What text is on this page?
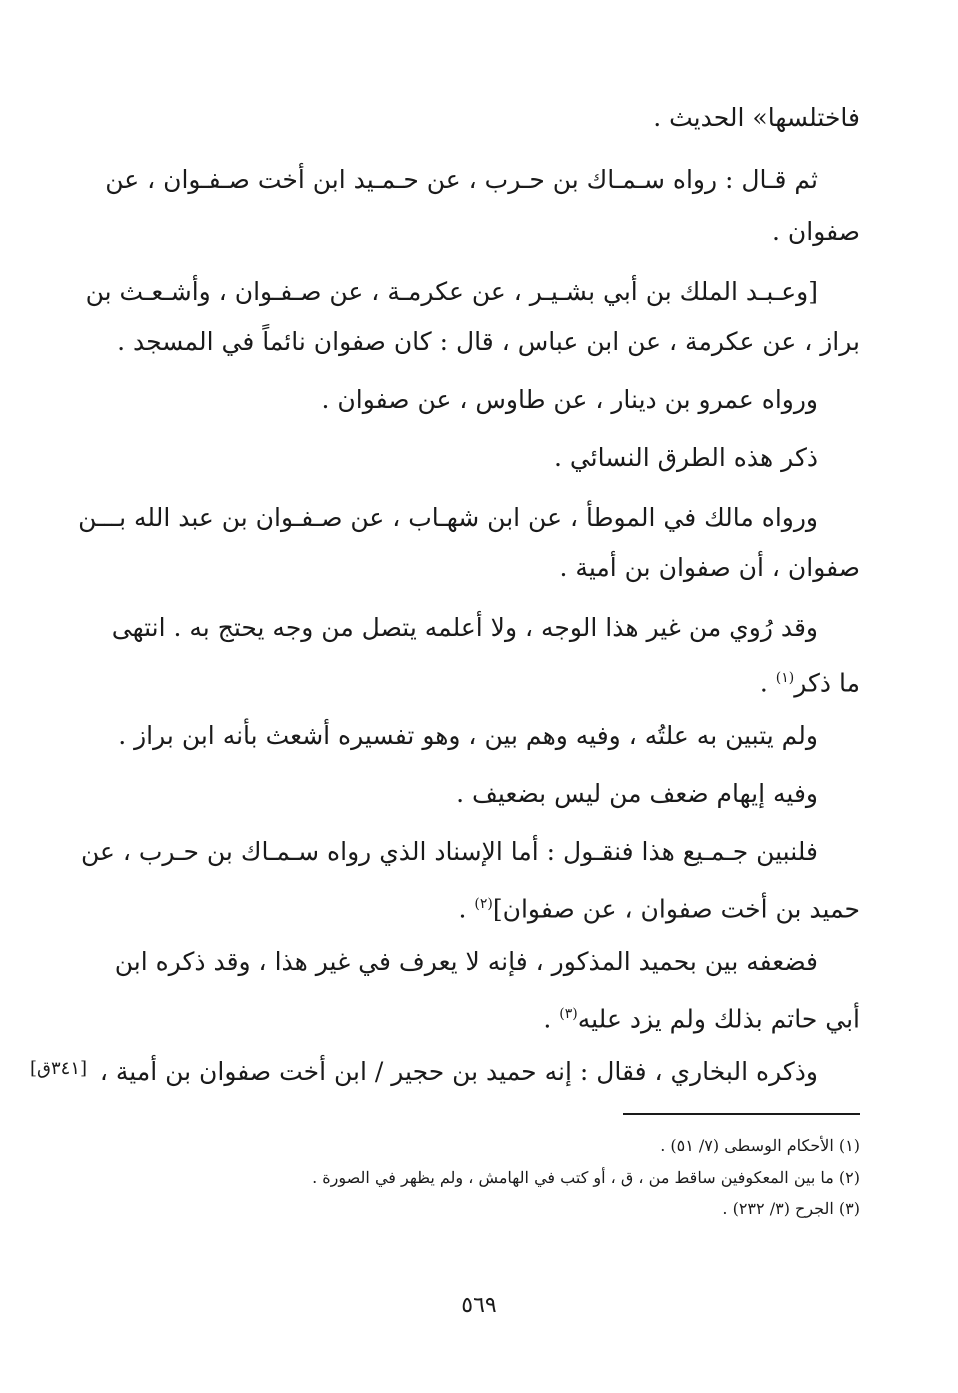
فاختلسها» الحديث .
ثم قـال : رواه سـمـاك بن حـرب ، عن حـمـيد ابن أخت صـفـوان ، عن
صفوان .
[وعـبـد الملك بن أبي بشـيـر ، عن عكرمـة ، عن صـفـوان ، وأشـعـث بن
براز ، عن عكرمة ، عن ابن عباس ، قال : كان صفوان نائماً في المسجد .
ورواه عمرو بن دينار ، عن طاوس ، عن صفوان .
ذكر هذه الطرق النسائي .
ورواه مالك في الموطأ ، عن ابن شهـاب ، عن صـفـوان بن عبد الله بـــن
صفوان ، أن صفوان بن أمية .
وقد رُوي من غير هذا الوجه ، ولا أعلمه يتصل من وجه يحتج به . انتهى
ما ذكر$^{(١)}$ .
ولم يتبين به علتُه ، وفيه وهم بين ، وهو تفسيره أشعث بأنه ابن براز .
وفيه إيهام ضعف من ليس بضعيف .
فلنبين جـمـيع هذا فنقـول : أما الإسناد الذي رواه سـمـاك بن حـرب ، عن
حميد بن أخت صفوان ، عن صفوان]$^{(٢)}$ .
فضعفه بين بحميد المذكور ، فإنه لا يعرف في غير هذا ، وقد ذكره ابن
أبي حاتم بذلك ولم يزد عليه$^{(٣)}$ .
وذكره البخاري ، فقال : إنه حميد بن حجير / ابن أخت صفوان بن أمية ،
[٣٤١ق]
(١) الأحكام الوسطى (٧/ ٥١) .
(٢) ما بين المعكوفين ساقط من ، ق ، أو كتب في الهامش ، ولم يظهر في الصورة .
(٣) الجرح (٣/ ٢٣٢) .
٥٦٩
